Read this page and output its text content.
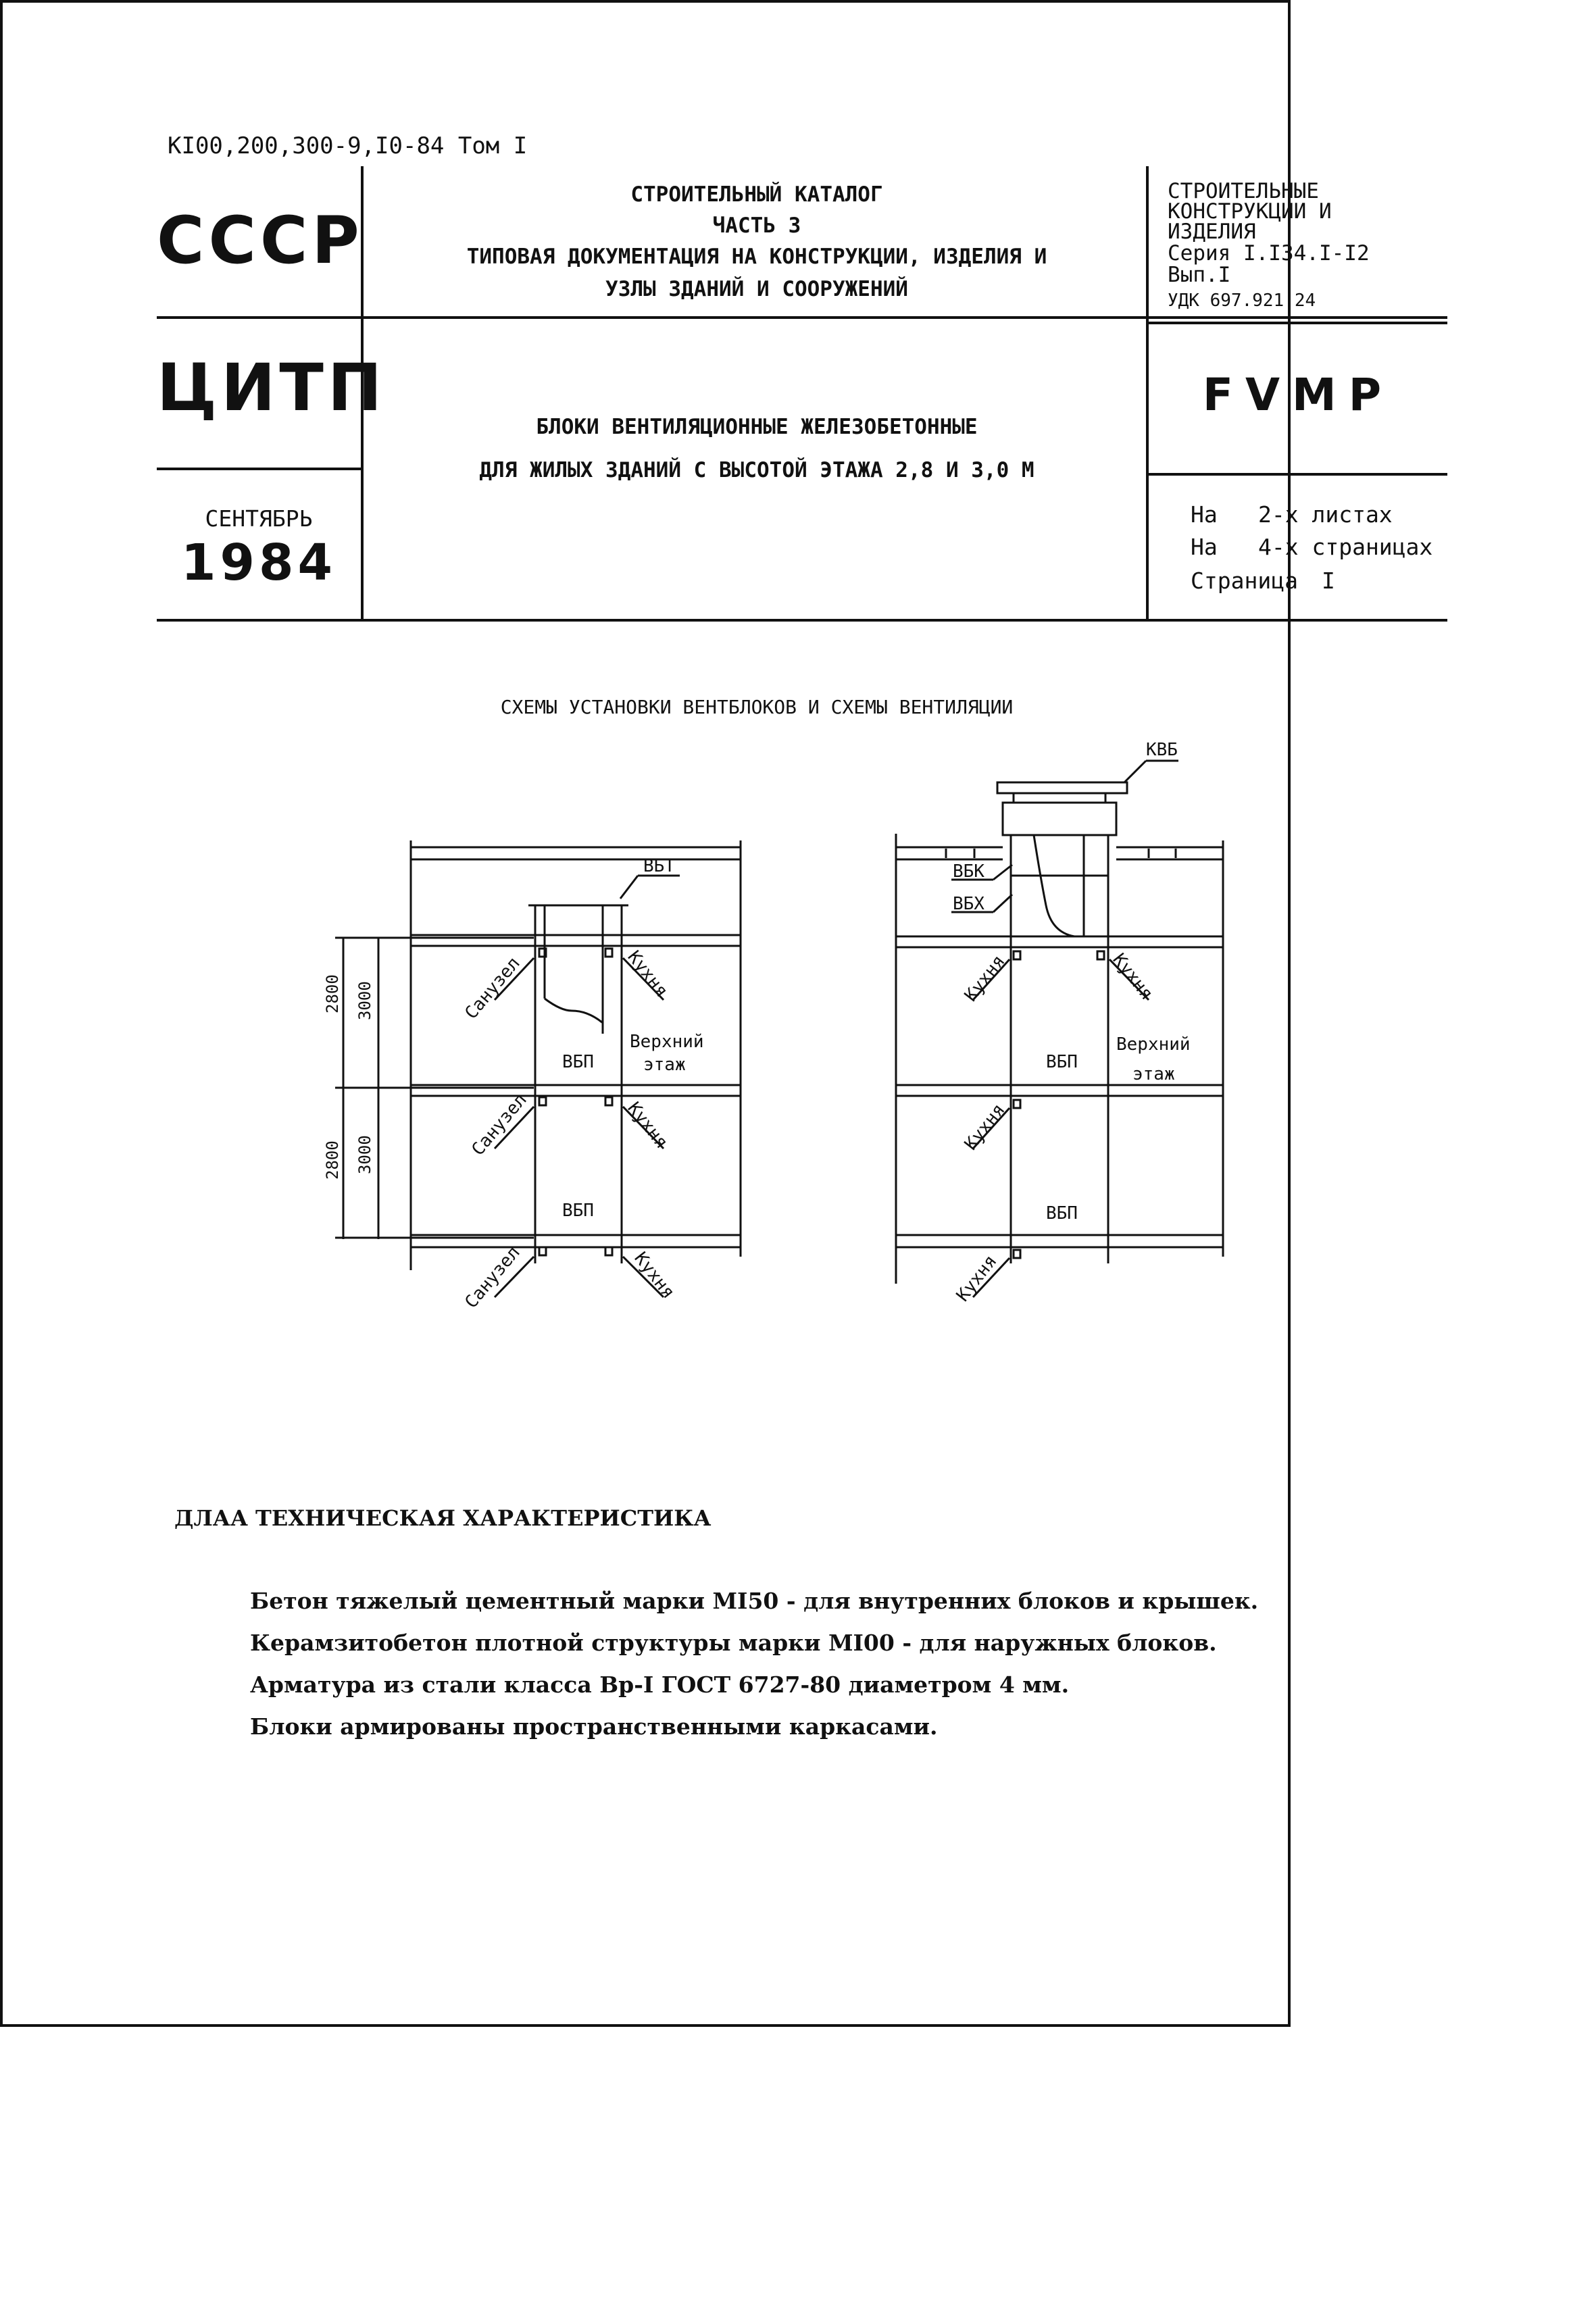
КI00,200,300-9,I0-84 Том I
СССР
ЦИТП
СЕНТЯБРЬ
1984
СТРОИТЕЛЬНЫЙ КАТАЛОГ
ЧАСТЬ 3
ТИПОВАЯ ДОКУМЕНТАЦИЯ НА КОНСТРУКЦИИ, ИЗДЕЛИЯ И
УЗЛЫ ЗДАНИЙ И СООРУЖЕНИЙ
БЛОКИ ВЕНТИЛЯЦИОННЫЕ ЖЕЛЕЗОБЕТОННЫЕ
ДЛЯ ЖИЛЫХ ЗДАНИЙ С ВЫСОТОЙ ЭТАЖА 2,8 И 3,0 М
СТРОИТЕЛЬНЫЕ
КОНСТРУКЦИИ И
ИЗДЕЛИЯ
Серия I.I34.I-I2
Вып.I
УДК 697.921.24
FVMP
На 2-х листах
На 4-х страницах
Страница I
СХЕМЫ УСТАНОВКИ ВЕНТБЛОКОВ И СХЕМЫ ВЕНТИЛЯЦИИ
ВБТ
ВБП
ВБП
Верхний
этаж
Санузел
Санузел
Санузел
Кухня
Кухня
Кухня
2800 3000
2800 3000
КВБ
ВБК
ВБХ
ВБП
ВБП
Верхний
этаж
Кухня	Кухня
Кухня
Кухня
ДЛАА ТЕХНИЧЕСКАЯ ХАРАКТЕРИСТИКА
Бетон тяжелый цементный марки МI50 - для внутренних блоков и крышек.
Керамзитобетон плотной структуры марки МI00 - для наружных блоков.
Арматура из стали класса Вр-I ГОСТ 6727-80 диаметром 4 мм.
Блоки армированы пространственными каркасами.
